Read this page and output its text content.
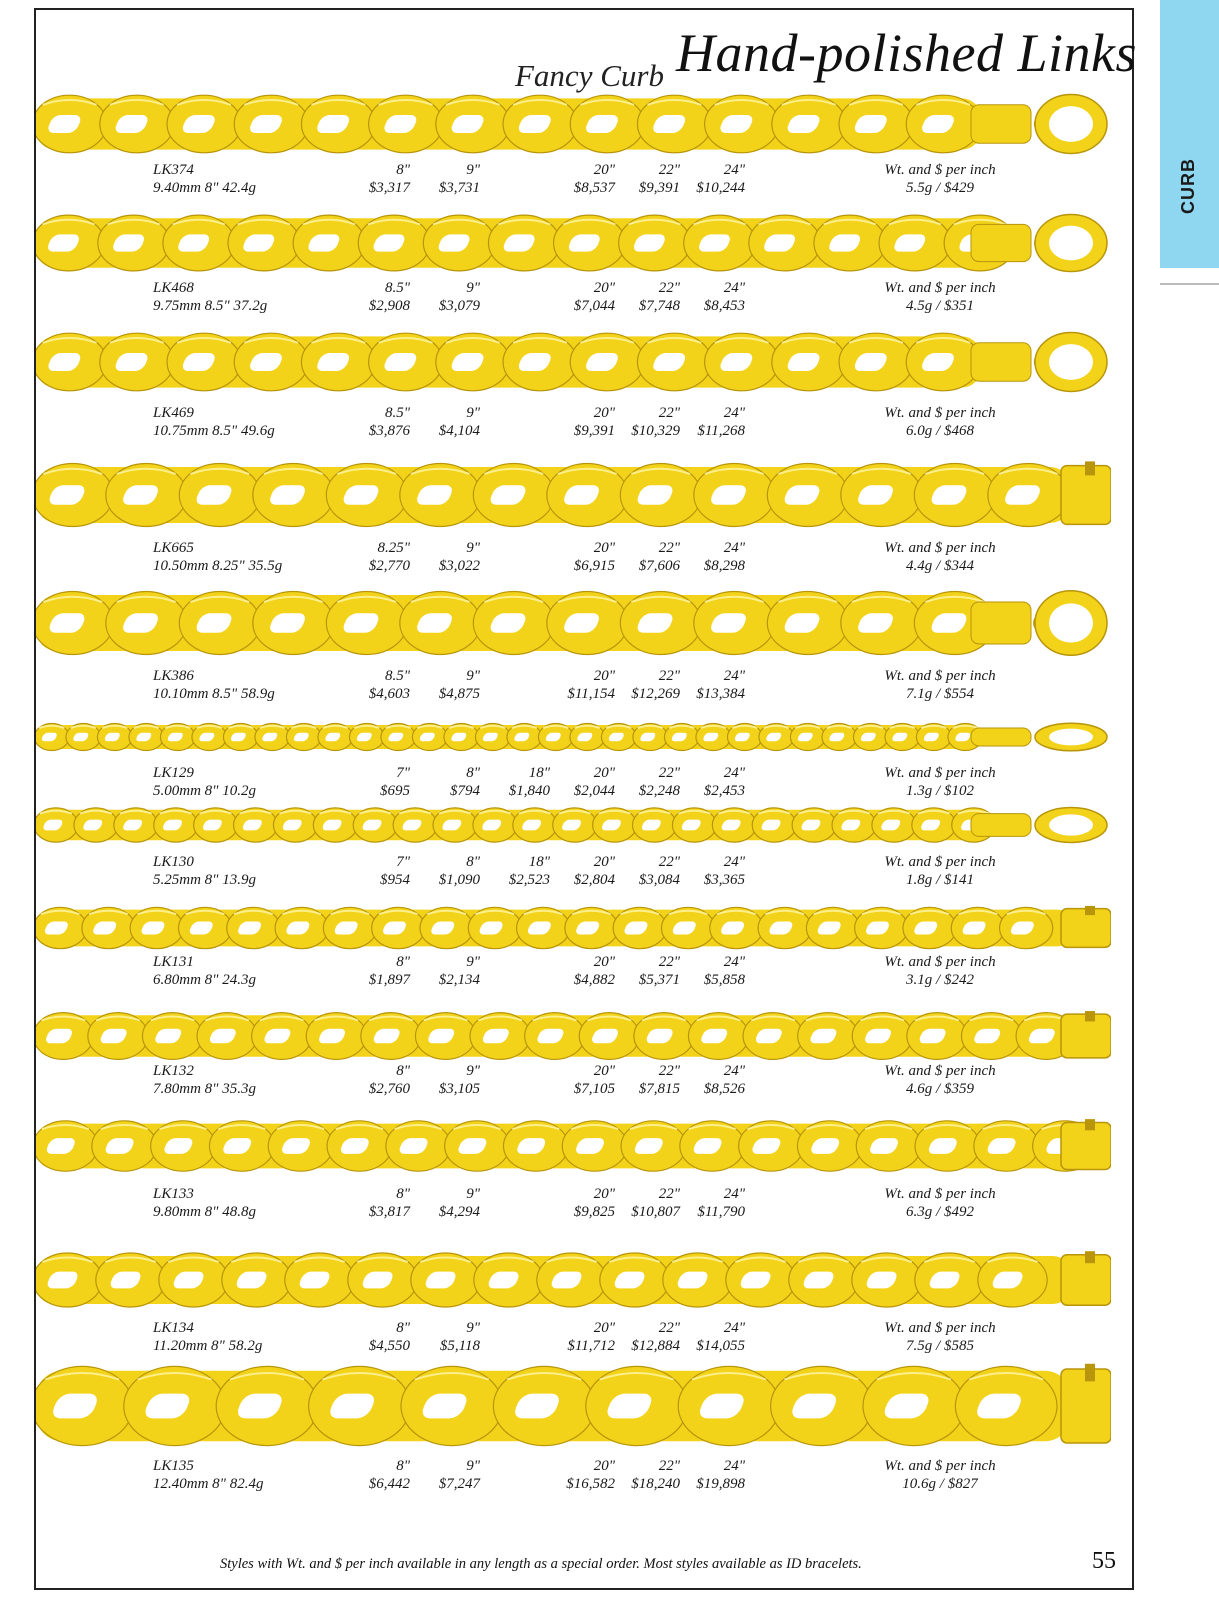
CURB
Hand-polished Links
Fancy Curb
LK374
9.40mm 8" 42.4g
8"
$3,317
9"
$3,731
20"
$8,537
22"
$9,391
24"
$10,244
Wt. and $ per inch
5.5g / $429
LK468
9.75mm 8.5" 37.2g
8.5"
$2,908
9"
$3,079
20"
$7,044
22"
$7,748
24"
$8,453
Wt. and $ per inch
4.5g / $351
LK469
10.75mm 8.5" 49.6g
8.5"
$3,876
9"
$4,104
20"
$9,391
22"
$10,329
24"
$11,268
Wt. and $ per inch
6.0g / $468
LK665
10.50mm 8.25" 35.5g
8.25"
$2,770
9"
$3,022
20"
$6,915
22"
$7,606
24"
$8,298
Wt. and $ per inch
4.4g / $344
LK386
10.10mm 8.5" 58.9g
8.5"
$4,603
9"
$4,875
20"
$11,154
22"
$12,269
24"
$13,384
Wt. and $ per inch
7.1g / $554
LK129
5.00mm 8" 10.2g
7"
$695
8"
$794
18"
$1,840
20"
$2,044
22"
$2,248
24"
$2,453
Wt. and $ per inch
1.3g / $102
LK130
5.25mm 8" 13.9g
7"
$954
8"
$1,090
18"
$2,523
20"
$2,804
22"
$3,084
24"
$3,365
Wt. and $ per inch
1.8g / $141
LK131
6.80mm 8" 24.3g
8"
$1,897
9"
$2,134
20"
$4,882
22"
$5,371
24"
$5,858
Wt. and $ per inch
3.1g / $242
LK132
7.80mm 8" 35.3g
8"
$2,760
9"
$3,105
20"
$7,105
22"
$7,815
24"
$8,526
Wt. and $ per inch
4.6g / $359
LK133
9.80mm 8" 48.8g
8"
$3,817
9"
$4,294
20"
$9,825
22"
$10,807
24"
$11,790
Wt. and $ per inch
6.3g / $492
LK134
11.20mm 8" 58.2g
8"
$4,550
9"
$5,118
20"
$11,712
22"
$12,884
24"
$14,055
Wt. and $ per inch
7.5g / $585
LK135
12.40mm 8" 82.4g
8"
$6,442
9"
$7,247
20"
$16,582
22"
$18,240
24"
$19,898
Wt. and $ per inch
10.6g / $827
Styles with Wt. and $ per inch available in any length as a special order. Most styles available as ID bracelets.	55
